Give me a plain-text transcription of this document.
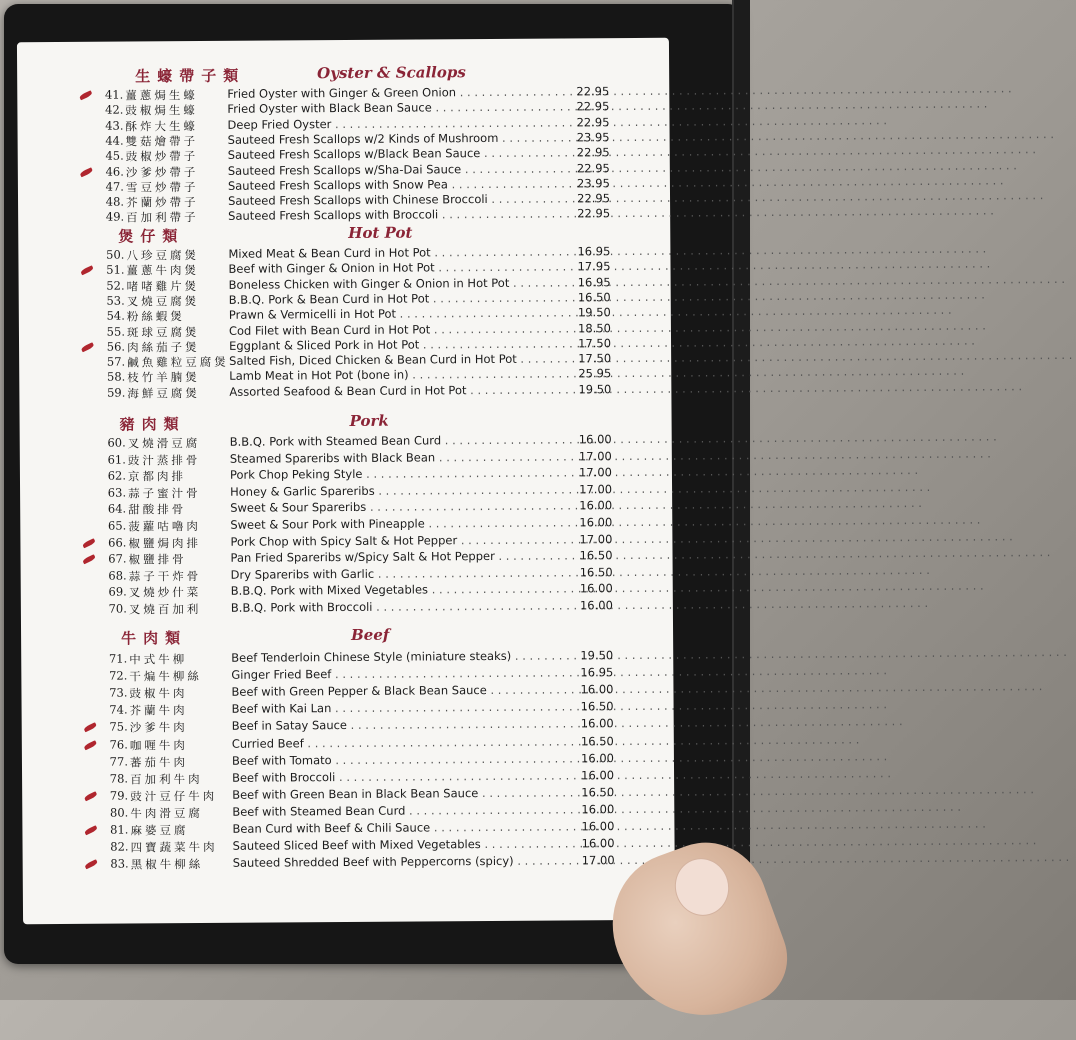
生蠔帶子類	Oyster & Scallops
41. 薑蔥焗生蠔	Fried Oyster with Ginger & Green Onion . . .	22.95
42. 豉椒焗生蠔	Fried Oyster with Black Bean Sauce . . .	22.95
43. 酥炸大生蠔	Deep Fried Oyster . . .	22.95
44. 雙菇燴帶子	Sauteed Fresh Scallops w/2 Kinds of Mushroom . . .	23.95
45. 豉椒炒帶子	Sauteed Fresh Scallops w/Black Bean Sauce . . .	22.95
46. 沙爹炒帶子	Sauteed Fresh Scallops w/Sha-Dai Sauce . . .	22.95
47. 雪豆炒帶子	Sauteed Fresh Scallops with Snow Pea . . .	23.95
48. 芥蘭炒帶子	Sauteed Fresh Scallops with Chinese Broccoli . . .	22.95
49. 百加利帶子	Sauteed Fresh Scallops with Broccoli . . .	22.95
煲仔類	Hot Pot
50. 八珍豆腐煲	Mixed Meat & Bean Curd in Hot Pot . . .	16.95
51. 薑蔥牛肉煲	Beef with Ginger & Onion in Hot Pot . . .	17.95
52. 啫啫雞片煲	Boneless Chicken with Ginger & Onion in Hot Pot . . .	16.95
53. 叉燒豆腐煲	B.B.Q. Pork & Bean Curd in Hot Pot . . .	16.50
54. 粉絲蝦煲	Prawn & Vermicelli in Hot Pot . . .	19.50
55. 斑球豆腐煲	Cod Filet with Bean Curd in Hot Pot . . .	18.50
56. 肉絲茄子煲	Eggplant & Sliced Pork in Hot Pot . . .	17.50
57. 鹹魚雞粒豆腐煲 Salted Fish, Diced Chicken & Bean Curd in Hot Pot . . .	17.50
58. 枝竹羊腩煲	Lamb Meat in Hot Pot (bone in) . . .	25.95
59. 海鮮豆腐煲	Assorted Seafood & Bean Curd in Hot Pot . . .	19.50
豬肉類	Pork
60. 叉燒滑豆腐	B.B.Q. Pork with Steamed Bean Curd . . .	16.00
61. 豉汁蒸排骨	Steamed Spareribs with Black Bean . . .	17.00
62. 京都肉排	Pork Chop Peking Style . . .	17.00
63. 蒜子蜜汁骨	Honey & Garlic Spareribs . . .	17.00
64. 甜酸排骨	Sweet & Sour Spareribs . . .	16.00
65. 菠蘿咕嚕肉	Sweet & Sour Pork with Pineapple . . .	16.00
66. 椒鹽焗肉排	Pork Chop with Spicy Salt & Hot Pepper . . .	17.00
67. 椒鹽排骨	Pan Fried Spareribs w/Spicy Salt & Hot Pepper . . .	16.50
68. 蒜子干炸骨	Dry Spareribs with Garlic . . .	16.50
69. 叉燒炒什菜	B.B.Q. Pork with Mixed Vegetables . . .	16.00
70. 叉燒百加利	B.B.Q. Pork with Broccoli . . .	16.00
牛肉類	Beef
71. 中式牛柳	Beef Tenderloin Chinese Style (miniature steaks) . . .	19.50
72. 干煸牛柳絲	Ginger Fried Beef . . .	16.95
73. 豉椒牛肉	Beef with Green Pepper & Black Bean Sauce . . .	16.00
74. 芥蘭牛肉	Beef with Kai Lan . . .	16.50
75. 沙爹牛肉	Beef in Satay Sauce . . .	16.00
76. 咖喱牛肉	Curried Beef . . .	16.50
77. 蕃茄牛肉	Beef with Tomato . . .	16.00
78. 百加利牛肉	Beef with Broccoli . . .	16.00
79. 豉汁豆仔牛肉 Beef with Green Bean in Black Bean Sauce . . .	16.50
80. 牛肉滑豆腐	Beef with Steamed Bean Curd . . .	16.00
81. 麻婆豆腐	Bean Curd with Beef & Chili Sauce . . .	16.00
82. 四寶蔬菜牛肉 Sauteed Sliced Beef with Mixed Vegetables . . .	16.00
83. 黑椒牛柳絲	Sauteed Shredded Beef with Peppercorns (spicy) . . .	17.00
